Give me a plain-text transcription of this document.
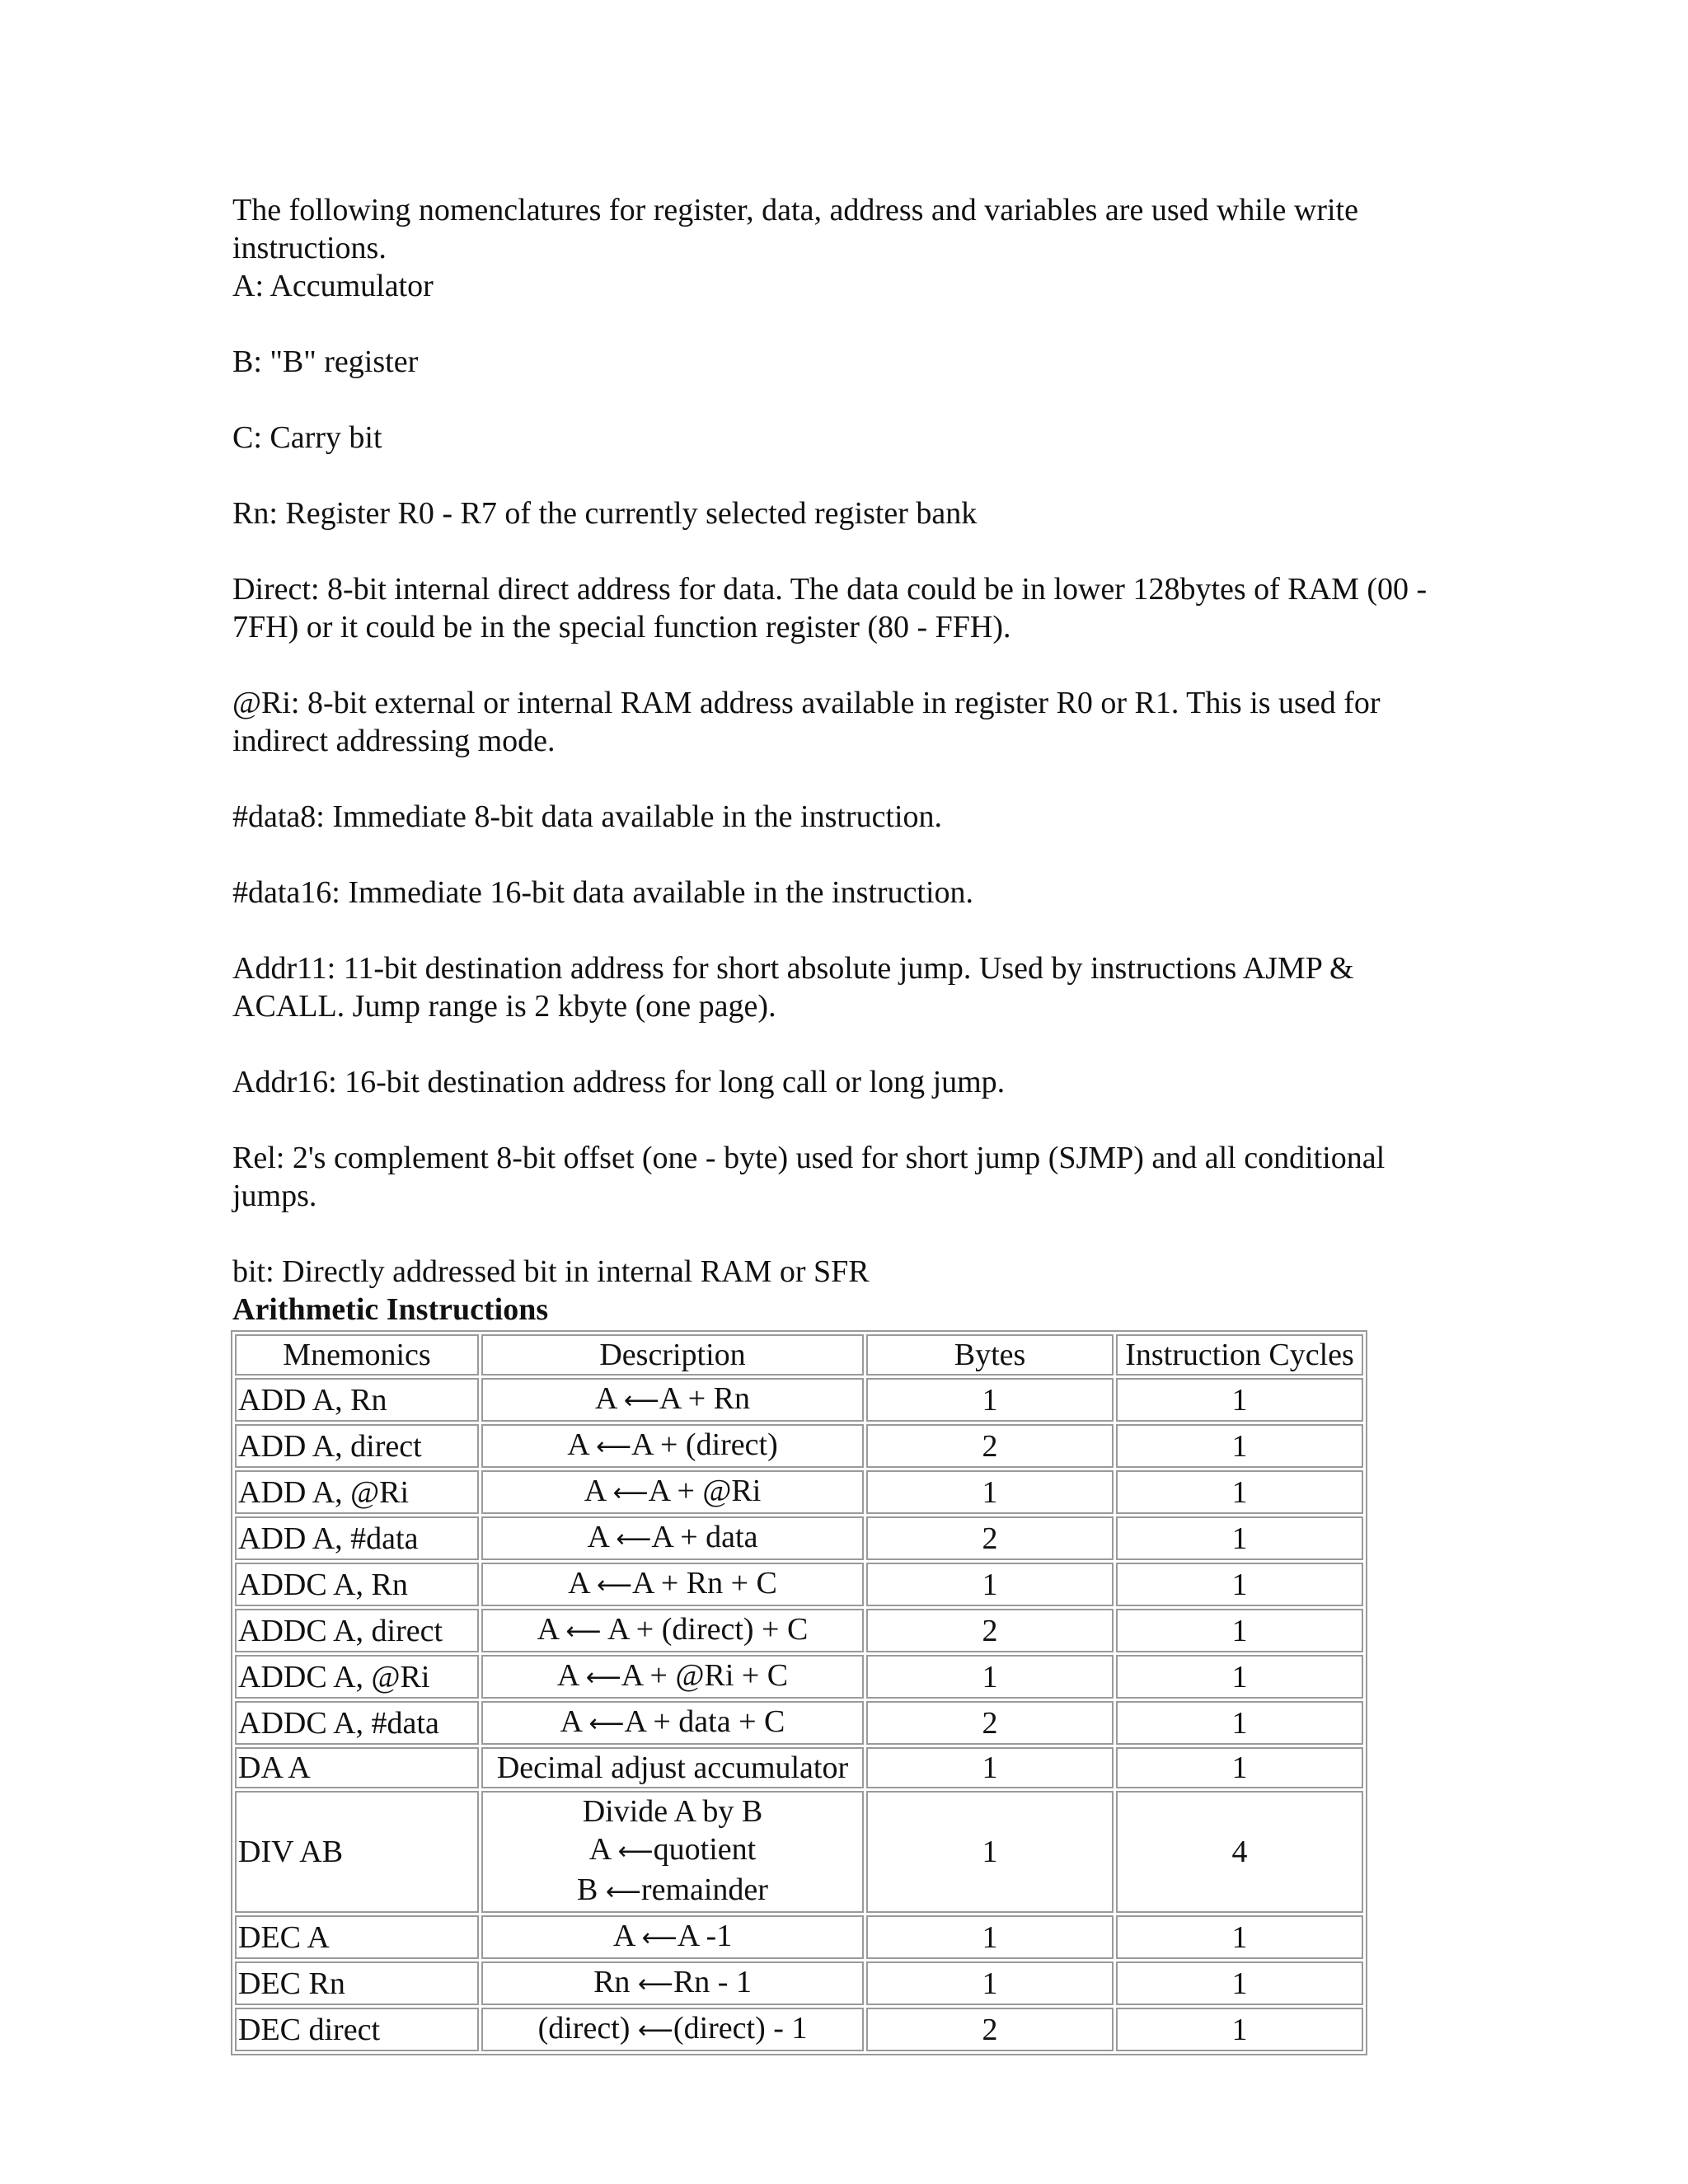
The following nomenclatures for register, data, address and variables are used while write instructions.

A: Accumulator

B: "B" register

C: Carry bit

Rn: Register R0 - R7 of the currently selected register bank

Direct: 8-bit internal direct address for data. The data could be in lower 128bytes of RAM (00 - 7FH) or it could be in the special function register (80 - FFH).

@Ri: 8-bit external or internal RAM address available in register R0 or R1. This is used for indirect addressing mode.

#data8: Immediate 8-bit data available in the instruction.

#data16: Immediate 16-bit data available in the instruction.

Addr11: 11-bit destination address for short absolute jump. Used by instructions AJMP & ACALL. Jump range is 2 kbyte (one page).

Addr16: 16-bit destination address for long call or long jump.

Rel: 2's complement 8-bit offset (one - byte) used for short jump (SJMP) and all conditional jumps.

bit: Directly addressed bit in internal RAM or SFR

Arithmetic Instructions

Mnemonics	Description	Bytes	Instruction Cycles
ADD A, Rn	A ⟵A + Rn	1	1
ADD A, direct	A ⟵A + (direct)	2	1
ADD A, @Ri	A ⟵A + @Ri	1	1
ADD A, #data	A ⟵A + data	2	1
ADDC A, Rn	A ⟵A + Rn + C	1	1
ADDC A, direct	A ⟵ A + (direct) + C	2	1
ADDC A, @Ri	A ⟵A + @Ri + C	1	1
ADDC A, #data	A ⟵A + data + C	2	1
DA A	Decimal adjust accumulator	1	1
DIV AB	Divide A by B
A ⟵quotient
B ⟵remainder	1	4
DEC A	A ⟵A -1	1	1
DEC Rn	Rn ⟵Rn - 1	1	1
DEC direct	(direct) ⟵(direct) - 1	2	1
